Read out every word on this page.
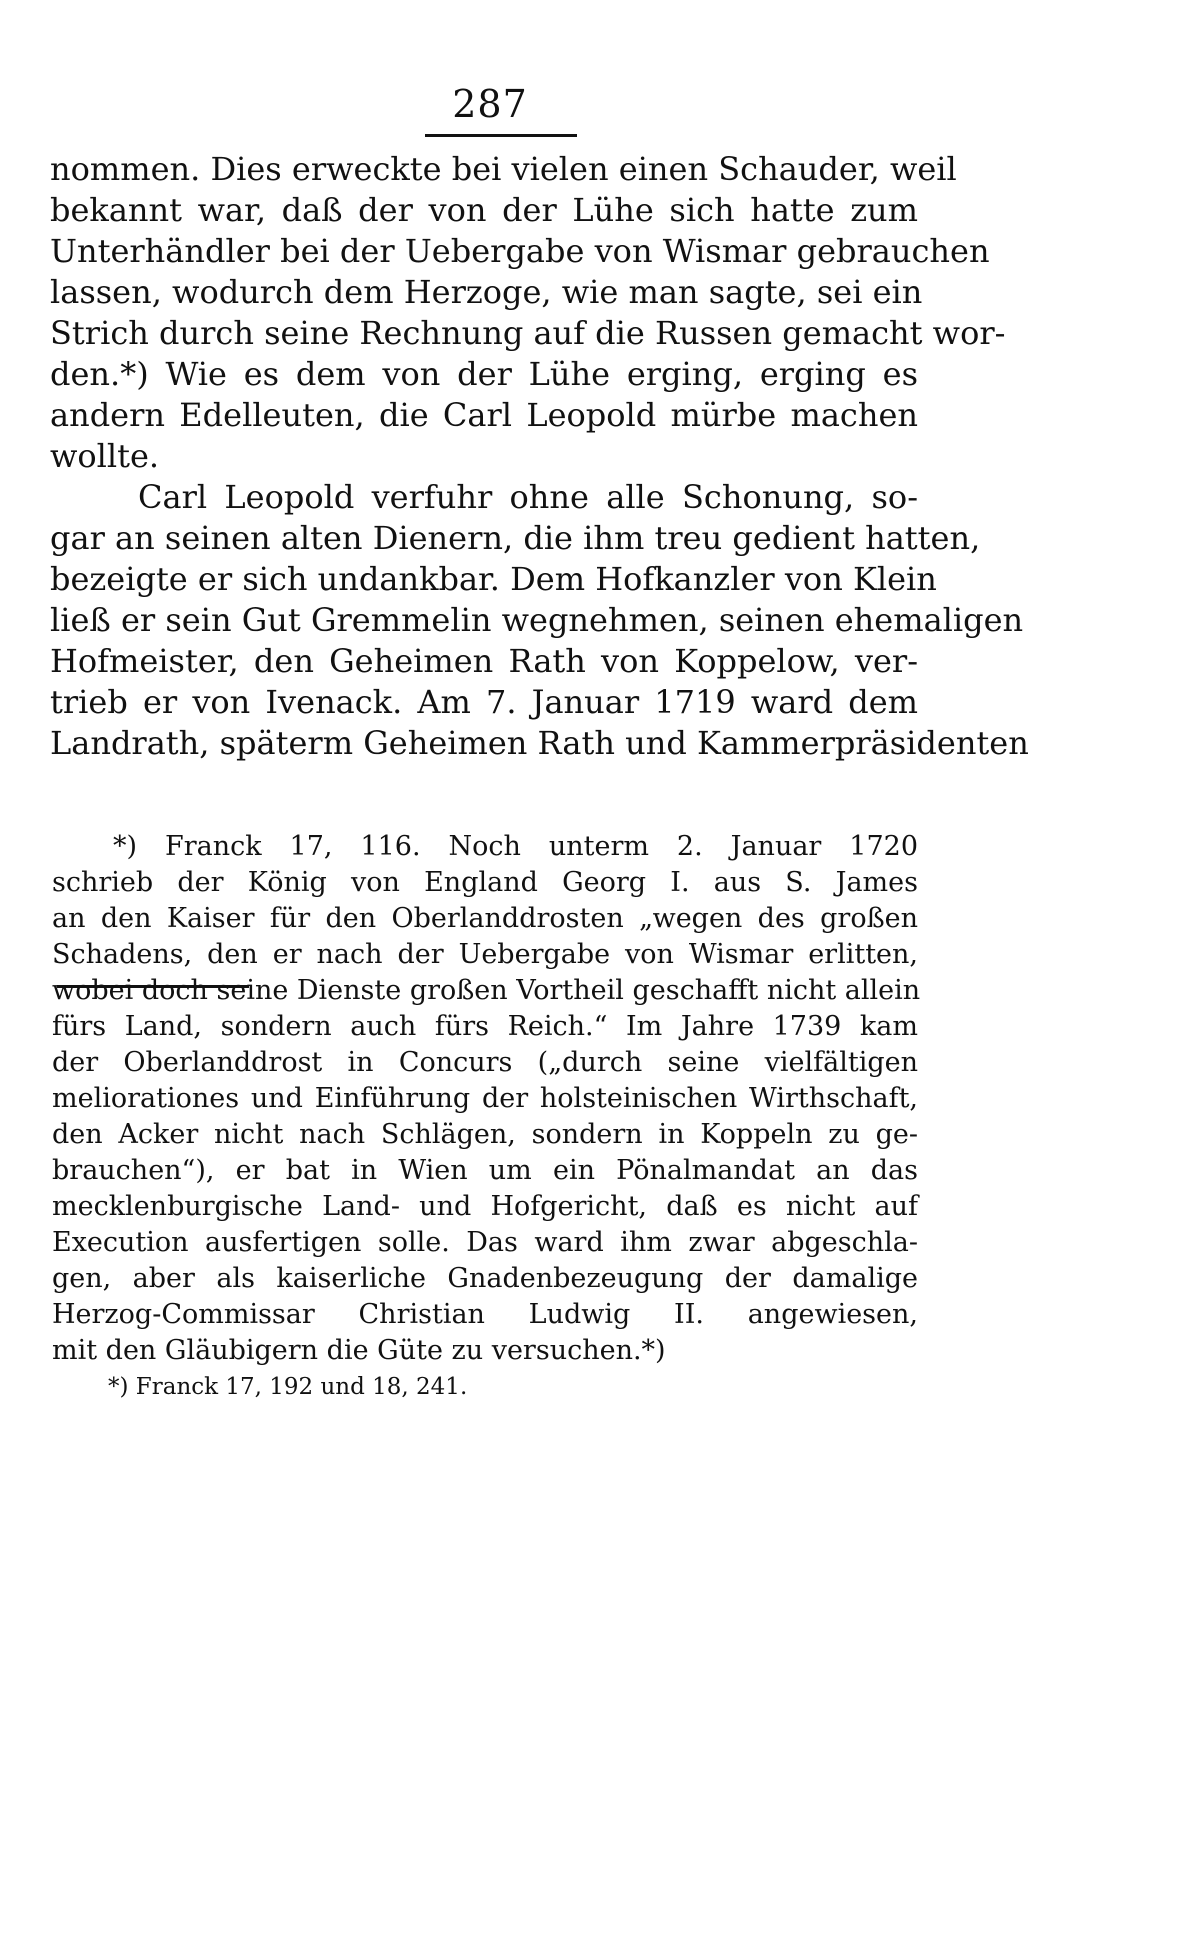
287
nommen. Dies erweckte bei vielen einen Schauder, weil
bekannt war, daß der von der Lühe sich hatte zum
Unterhändler bei der Uebergabe von Wismar gebrauchen
lassen, wodurch dem Herzoge, wie man sagte, sei ein
Strich durch seine Rechnung auf die Russen gemacht wor-
den.*) Wie es dem von der Lühe erging, erging es
andern Edelleuten, die Carl Leopold mürbe machen
wollte.
Carl Leopold verfuhr ohne alle Schonung, so-
gar an seinen alten Dienern, die ihm treu gedient hatten,
bezeigte er sich undankbar. Dem Hofkanzler von Klein
ließ er sein Gut Gremmelin wegnehmen, seinen ehemaligen
Hofmeister, den Geheimen Rath von Koppelow, ver-
trieb er von Ivenack. Am 7. Januar 1719 ward dem
Landrath, späterm Geheimen Rath und Kammerpräsidenten
*) Franck 17, 116. Noch unterm 2. Januar 1720
schrieb der König von England Georg I. aus S. James
an den Kaiser für den Oberlanddrosten „wegen des großen
Schadens, den er nach der Uebergabe von Wismar erlitten,
wobei doch seine Dienste großen Vortheil geschafft nicht allein
fürs Land, sondern auch fürs Reich.“ Im Jahre 1739 kam
der Oberlanddrost in Concurs („durch seine vielfältigen
meliorationes und Einführung der holsteinischen Wirthschaft,
den Acker nicht nach Schlägen, sondern in Koppeln zu ge-
brauchen“), er bat in Wien um ein Pönalmandat an das
mecklenburgische Land- und Hofgericht, daß es nicht auf
Execution ausfertigen solle. Das ward ihm zwar abgeschla-
gen, aber als kaiserliche Gnadenbezeugung der damalige
Herzog-Commissar Christian Ludwig II. angewiesen,
mit den Gläubigern die Güte zu versuchen.*)
*) Franck 17, 192 und 18, 241.
